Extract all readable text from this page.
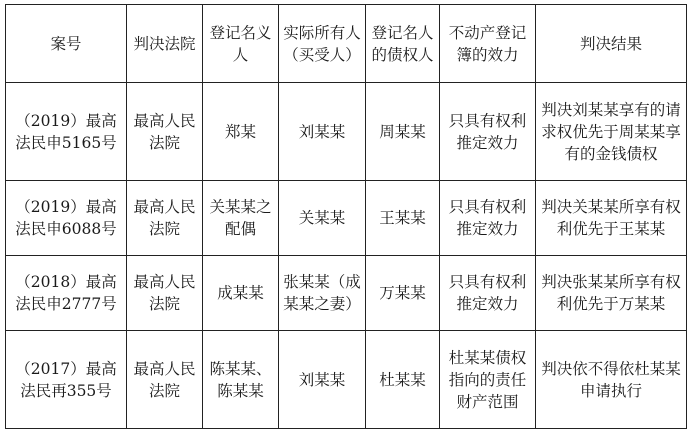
案号	判决法院	登记名义人	实际所有人（买受人）	登记名人的债权人	不动产登记簿的效力	判决结果
（2019）最高法民申5165号	最高人民法院	郑某	刘某某	周某某	只具有权利推定效力	判决刘某某享有的请求权优先于周某某享有的金钱债权
（2019）最高法民申6088号	最高人民法院	关某某之配偶	关某某	王某某	只具有权利推定效力	判决关某某所享有权利优先于王某某
（2018）最高法民申2777号	最高人民法院	成某某	张某某（成某某之妻）	万某某	只具有权利推定效力	判决张某某所享有权利优先于万某某
（2017）最高法民再355号	最高人民法院	陈某某、陈某某	刘某某	杜某某	杜某某债权指向的责任财产范围	判决依不得依杜某某申请执行
